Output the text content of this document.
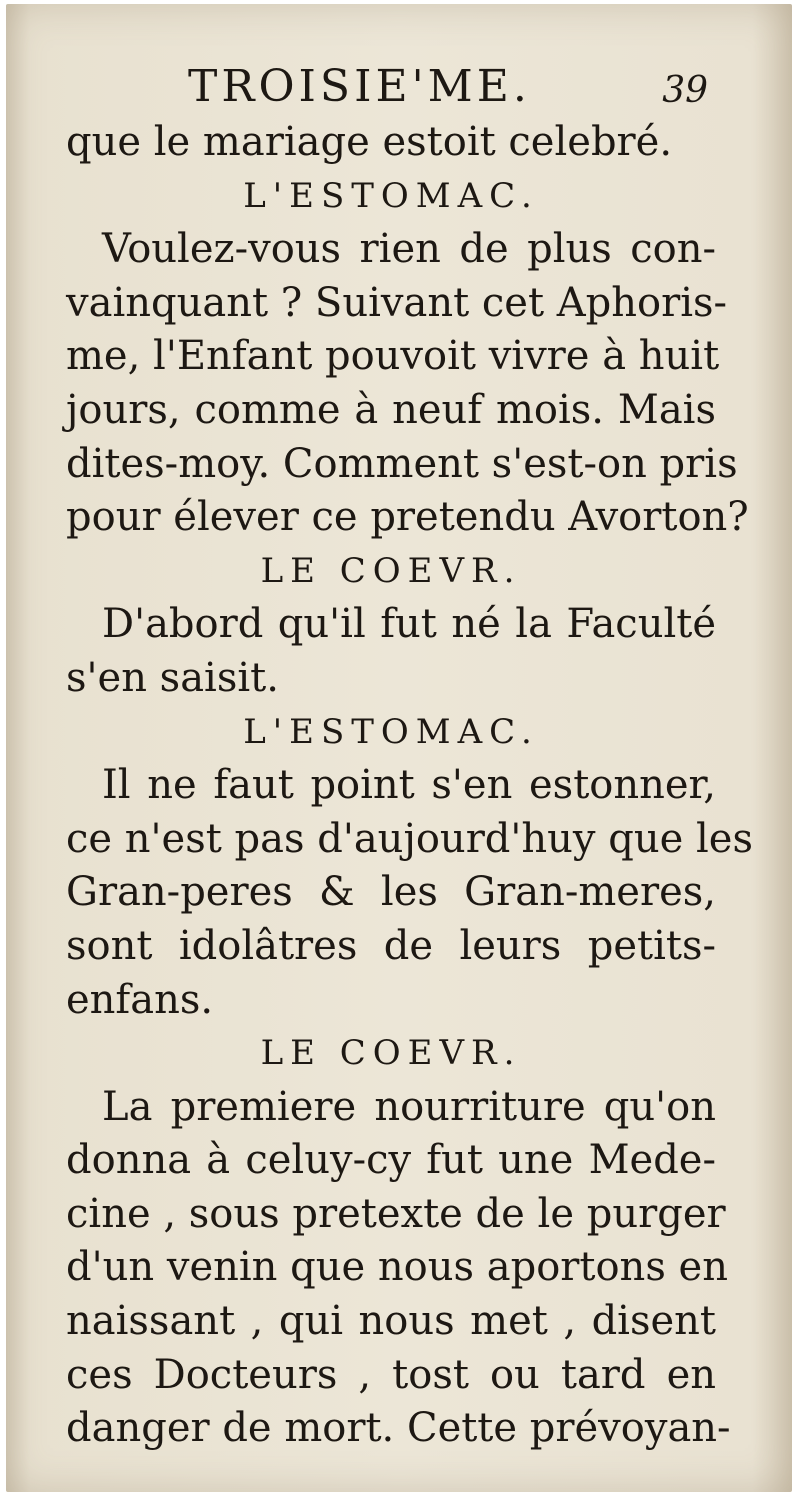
TROISIE'ME.	39
que le mariage estoit celebré.
L'ESTOMAC.
Voulez-vous rien de plus con-
vainquant ? Suivant cet Aphoris-
me, l'Enfant pouvoit vivre à huit
jours, comme à neuf mois. Mais
dites-moy. Comment s'est-on pris
pour élever ce pretendu Avorton?
LE COEVR.
D'abord qu'il fut né la Faculté
s'en saisit.
L'ESTOMAC.
Il ne faut point s'en estonner,
ce n'est pas d'aujourd'huy que les
Gran-peres & les Gran-meres,
sont idolâtres de leurs petits-
enfans.
LE COEVR.
La premiere nourriture qu'on
donna à celuy-cy fut une Mede-
cine , sous pretexte de le purger
d'un venin que nous aportons en
naissant , qui nous met , disent
ces Docteurs , tost ou tard en
danger de mort. Cette prévoyan-
